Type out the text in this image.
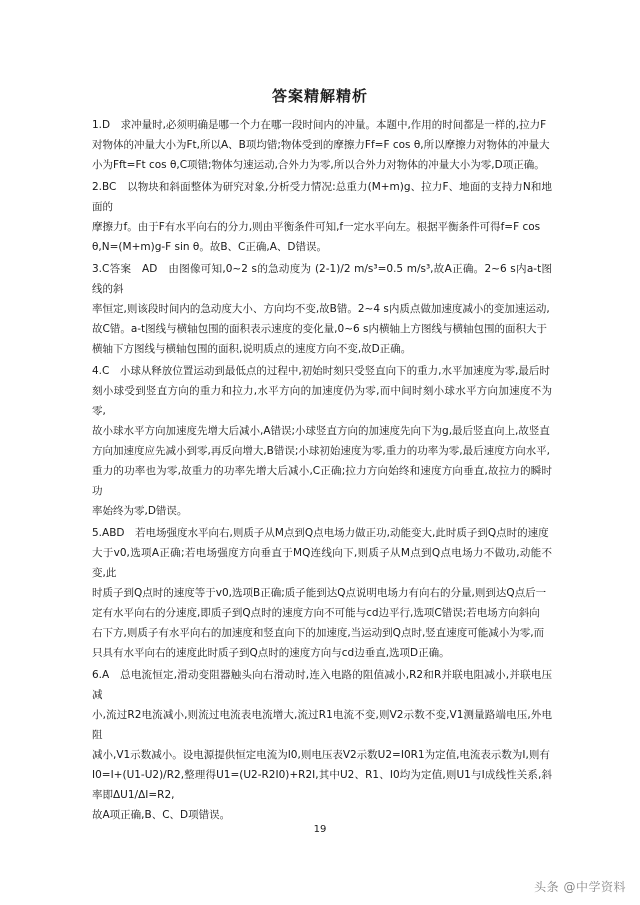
答案精解精析

1.D　求冲量时,必须明确是哪一个力在哪一段时间内的冲量。本题中,作用的时间都是一样的,拉力F

对物体的冲量大小为Ft,所以A、B项均错;物体受到的摩擦力Ff=F cos θ,所以摩擦力对物体的冲量大

小为Fft=Ft cos θ,C项错;物体匀速运动,合外力为零,所以合外力对物体的冲量大小为零,D项正确。

2.BC　以物块和斜面整体为研究对象,分析受力情况:总重力(M+m)g、拉力F、地面的支持力N和地面的

摩擦力f。由于F有水平向右的分力,则由平衡条件可知,f一定水平向左。根据平衡条件可得f=F cos

θ,N=(M+m)g-F sin θ。故B、C正确,A、D错误。

3.C答案　AD　由图像可知,0~2 s的急动度为 (2-1)/2 m/s³=0.5 m/s³,故A正确。2~6 s内a-t图线的斜

率恒定,则该段时间内的急动度大小、方向均不变,故B错。2~4 s内质点做加速度减小的变加速运动,

故C错。a-t图线与横轴包围的面积表示速度的变化量,0~6 s内横轴上方图线与横轴包围的面积大于

横轴下方图线与横轴包围的面积,说明质点的速度方向不变,故D正确。

4.C　小球从释放位置运动到最低点的过程中,初始时刻只受竖直向下的重力,水平加速度为零,最后时

刻小球受到竖直方向的重力和拉力,水平方向的加速度仍为零,而中间时刻小球水平方向加速度不为零,

故小球水平方向加速度先增大后减小,A错误;小球竖直方向的加速度先向下为g,最后竖直向上,故竖直

方向加速度应先减小到零,再反向增大,B错误;小球初始速度为零,重力的功率为零,最后速度方向水平,

重力的功率也为零,故重力的功率先增大后减小,C正确;拉力方向始终和速度方向垂直,故拉力的瞬时功

率始终为零,D错误。

5.ABD　若电场强度水平向右,则质子从M点到Q点电场力做正功,动能变大,此时质子到Q点时的速度

大于v0,选项A正确;若电场强度方向垂直于MQ连线向下,则质子从M点到Q点电场力不做功,动能不变,此

时质子到Q点时的速度等于v0,选项B正确;质子能到达Q点说明电场力有向右的分量,则到达Q点后一

定有水平向右的分速度,即质子到Q点时的速度方向不可能与cd边平行,选项C错误;若电场方向斜向

右下方,则质子有水平向右的加速度和竖直向下的加速度,当运动到Q点时,竖直速度可能减小为零,而

只具有水平向右的速度此时质子到Q点时的速度方向与cd边垂直,选项D正确。

6.A　总电流恒定,滑动变阻器触头向右滑动时,连入电路的阻值减小,R2和R并联电阻减小,并联电压减

小,流过R2电流减小,则流过电流表电流增大,流过R1电流不变,则V2示数不变,V1测量路端电压,外电阻

减小,V1示数减小。设电源提供恒定电流为I0,则电压表V2示数U2=I0R1为定值,电流表示数为I,则有

I0=I+(U1-U2)/R2,整理得U1=(U2-R2I0)+R2I,其中U2、R1、I0均为定值,则U1与I成线性关系,斜率即ΔU1/ΔI=R2,

故A项正确,B、C、D项错误。

19
头条 @中学资料
